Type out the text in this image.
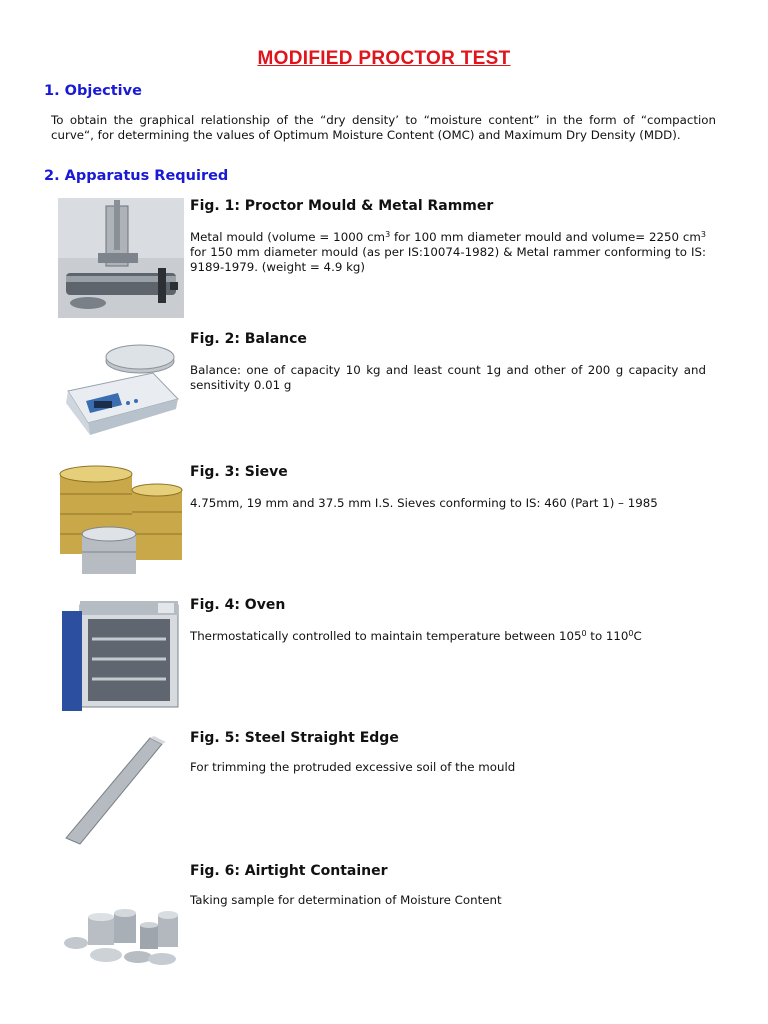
MODIFIED PROCTOR TEST
1. Objective
To obtain the graphical relationship of the “dry density’ to “moisture content” in the form of “compaction curve“, for determining the values of Optimum Moisture Content (OMC) and Maximum Dry Density (MDD).
2. Apparatus Required
Fig. 1: Proctor Mould & Metal Rammer
Metal mould (volume = 1000 $cm^3$ for 100 mm diameter mould and volume= 2250 $cm^3$ for 150 mm diameter mould (as per IS:10074-1982) & Metal rammer conforming to IS: 9189-1979. (weight = 4.9 kg)
Fig. 2: Balance
Balance: one of capacity 10 kg and least count 1g and other of 200 g capacity and sensitivity 0.01 g
Fig. 3: Sieve
4.75mm, 19 mm and 37.5 mm I.S. Sieves conforming to IS: 460 (Part 1) – 1985
Fig. 4: Oven
Thermostatically controlled to maintain temperature between $105^0$ to $110^0C$
Fig. 5: Steel Straight Edge
For trimming the protruded excessive soil of the mould
Fig. 6: Airtight Container
Taking sample for determination of Moisture Content
